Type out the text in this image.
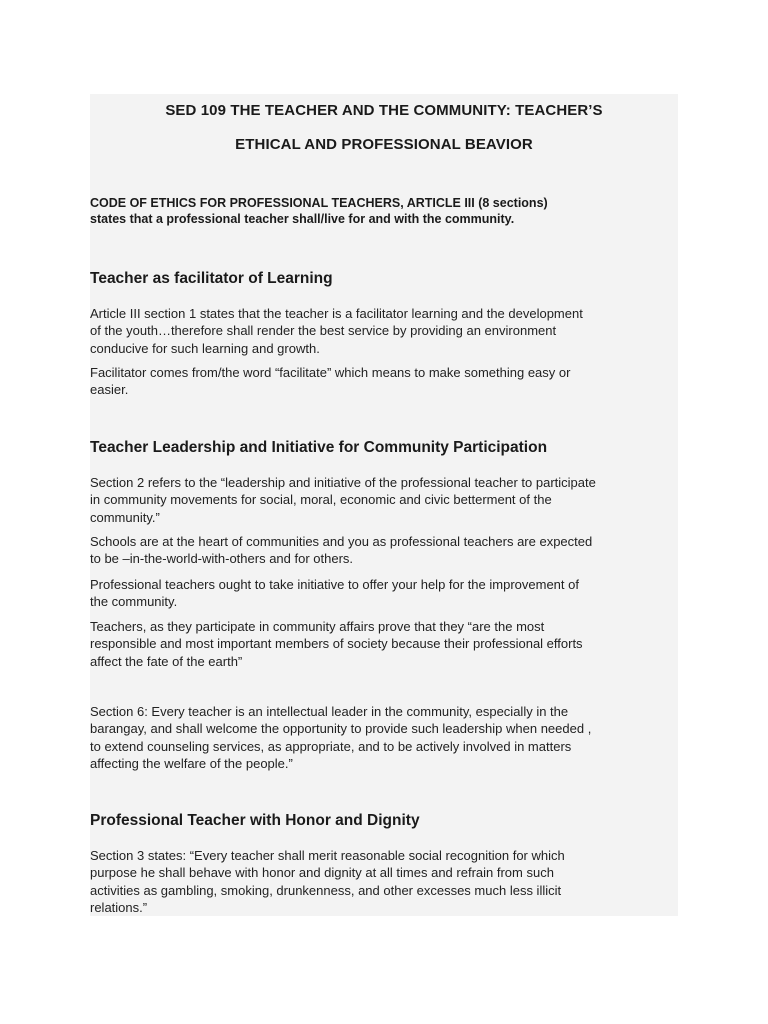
SED 109 THE TEACHER AND THE COMMUNITY: TEACHER’S
ETHICAL AND PROFESSIONAL BEAVIOR
CODE OF ETHICS FOR PROFESSIONAL TEACHERS, ARTICLE III (8 sections)
states that a professional teacher shall/live for and with the community.
Teacher as facilitator of Learning
Article III section 1 states that the teacher is a facilitator learning and the development
of the youth…therefore shall render the best service by providing an environment
conducive for such learning and growth.
Facilitator comes from/the word “facilitate” which means to make something easy or
easier.
Teacher Leadership and Initiative for Community Participation
Section 2 refers to the “leadership and initiative of the professional teacher to participate
in community movements for social, moral, economic and civic betterment of the
community.”
Schools are at the heart of communities and you as professional teachers are expected
to be –in-the-world-with-others and for others.
Professional teachers ought to take initiative to offer your help for the improvement of
the community.
Teachers, as they participate in community affairs prove that they “are the most
responsible and most important members of society because their professional efforts
affect the fate of the earth”
Section 6: Every teacher is an intellectual leader in the community, especially in the
barangay, and shall welcome the opportunity to provide such leadership when needed ,
to extend counseling services, as appropriate, and to be actively involved in matters
affecting the welfare of the people.”
Professional Teacher with Honor and Dignity
Section 3 states: “Every teacher shall merit reasonable social recognition for which
purpose he shall behave with honor and dignity at all times and refrain from such
activities as gambling, smoking, drunkenness, and other excesses much less illicit
relations.”
